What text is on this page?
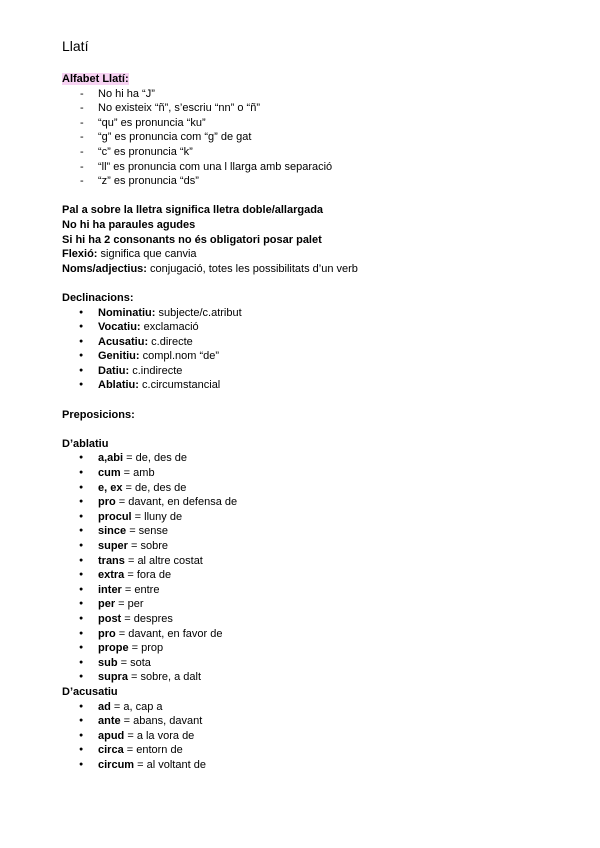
Llatí
Alfabet Llatí:
- No hi ha “J”
- No existeix “ñ”, s’escriu “nn” o “ñ”
- “qu” es pronuncia “ku”
- “g” es pronuncia com “g” de gat
- “c” es pronuncia “k”
- “ll” es pronuncia com una l llarga amb separació
- “z” es pronuncia “ds”
Pal a sobre la lletra significa lletra doble/allargada
No hi ha paraules agudes
Si hi ha 2 consonants no és obligatori posar palet
Flexió: significa que canvia
Noms/adjectius: conjugació, totes les possibilitats d’un verb
Declinacions:
● Nominatiu: subjecte/c.atribut
● Vocatiu: exclamació
● Acusatiu: c.directe
● Genitiu: compl.nom “de”
● Datiu: c.indirecte
● Ablatiu: c.circumstancial
Preposicions:
D’ablatiu
● a,abi = de, des de
● cum = amb
● e, ex = de, des de
● pro = davant, en defensa de
● procul = lluny de
● since = sense
● super = sobre
● trans = al altre costat
● extra = fora de
● inter = entre
● per = per
● post = despres
● pro = davant, en favor de
● prope = prop
● sub = sota
● supra = sobre, a dalt
D’acusatiu
● ad = a, cap a
● ante = abans, davant
● apud = a la vora de
● circa = entorn de
● circum = al voltant de
